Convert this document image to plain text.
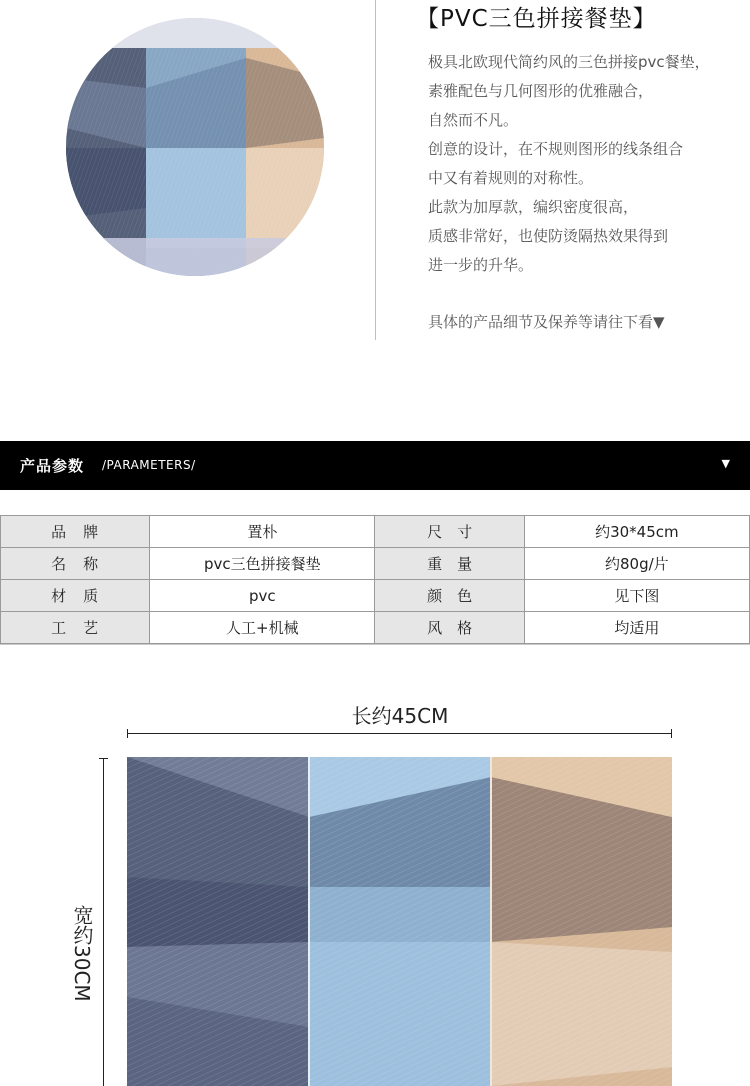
【PVC三色拼接餐垫】
极具北欧现代简约风的三色拼接pvc餐垫，
素雅配色与几何图形的优雅融合，
自然而不凡。
创意的设计，在不规则图形的线条组合
中又有着规则的对称性。
此款为加厚款，编织密度很高，
质感非常好，也使防烫隔热效果得到
进一步的升华。
具体的产品细节及保养等请往下看▼
产品参数 /PARAMETERS/	▼
品　牌	置朴	尺　寸	约30*45cm
名　称	pvc三色拼接餐垫	重　量	约80g/片
材　质	pvc	颜　色	见下图
工　艺	人工+机械	风　格	均适用
长约45CM
宽约30CM
